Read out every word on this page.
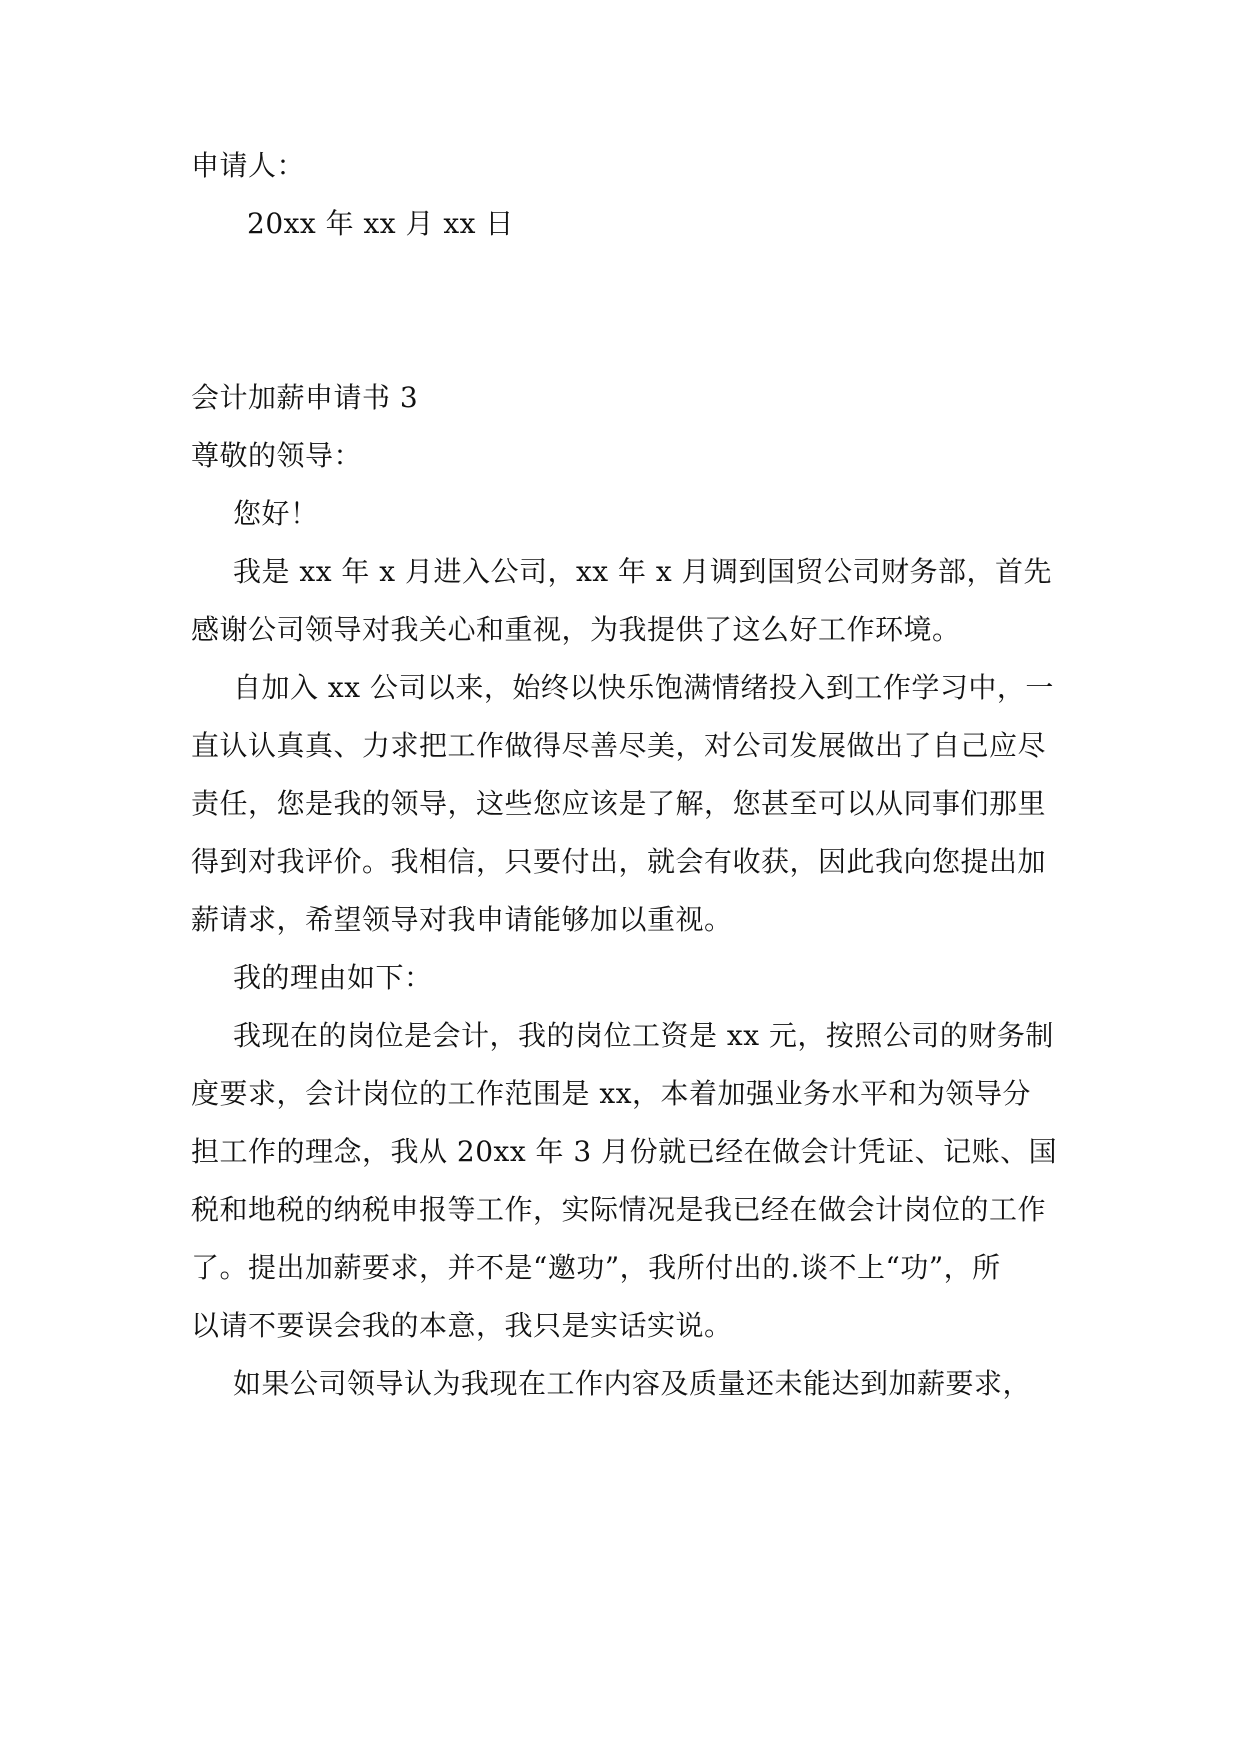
申请人：
20xx 年 xx 月 xx 日
会计加薪申请书 3
尊敬的领导：
您好！
我是 xx 年 x 月进入公司，xx 年 x 月调到国贸公司财务部，首先
感谢公司领导对我关心和重视，为我提供了这么好工作环境。
自加入 xx 公司以来，始终以快乐饱满情绪投入到工作学习中，一
直认认真真、力求把工作做得尽善尽美，对公司发展做出了自己应尽
责任，您是我的领导，这些您应该是了解，您甚至可以从同事们那里
得到对我评价。我相信，只要付出，就会有收获，因此我向您提出加
薪请求，希望领导对我申请能够加以重视。
我的理由如下：
我现在的岗位是会计，我的岗位工资是 xx 元，按照公司的财务制
度要求，会计岗位的工作范围是 xx，本着加强业务水平和为领导分
担工作的理念，我从 20xx 年 3 月份就已经在做会计凭证、记账、国
税和地税的纳税申报等工作，实际情况是我已经在做会计岗位的工作
了。提出加薪要求，并不是“邀功”，我所付出的.谈不上“功”，所
以请不要误会我的本意，我只是实话实说。
如果公司领导认为我现在工作内容及质量还未能达到加薪要求，
